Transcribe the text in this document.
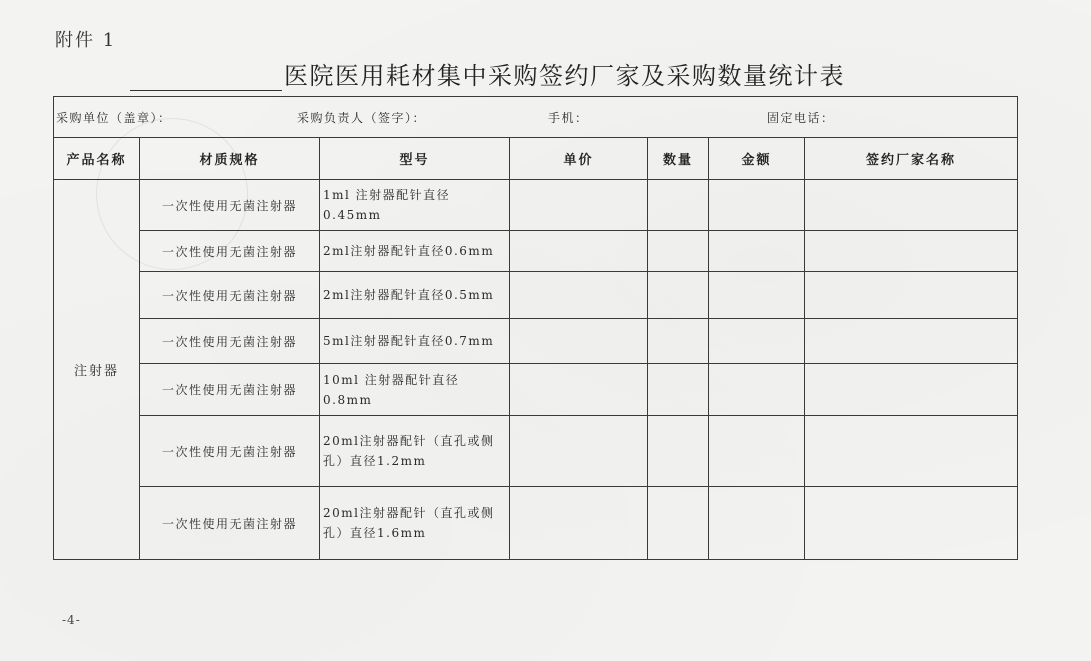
附件 1
医院医用耗材集中采购签约厂家及采购数量统计表
采购单位（盖章）： 采购负责人（签字）： 手机： 固定电话：						

产品名称	材质规格	型号	单价	数量	金额	签约厂家名称
注射器	一次性使用无菌注射器	1ml 注射器配针直径 0.45mm				
	一次性使用无菌注射器	2ml注射器配针直径0.6mm				
	一次性使用无菌注射器	2ml注射器配针直径0.5mm				
	一次性使用无菌注射器	5ml注射器配针直径0.7mm				
	一次性使用无菌注射器	10ml 注射器配针直径 0.8mm				
	一次性使用无菌注射器	20ml注射器配针（直孔或侧孔）直径1.2mm				
	一次性使用无菌注射器	20ml注射器配针（直孔或侧孔）直径1.6mm				
-4-
